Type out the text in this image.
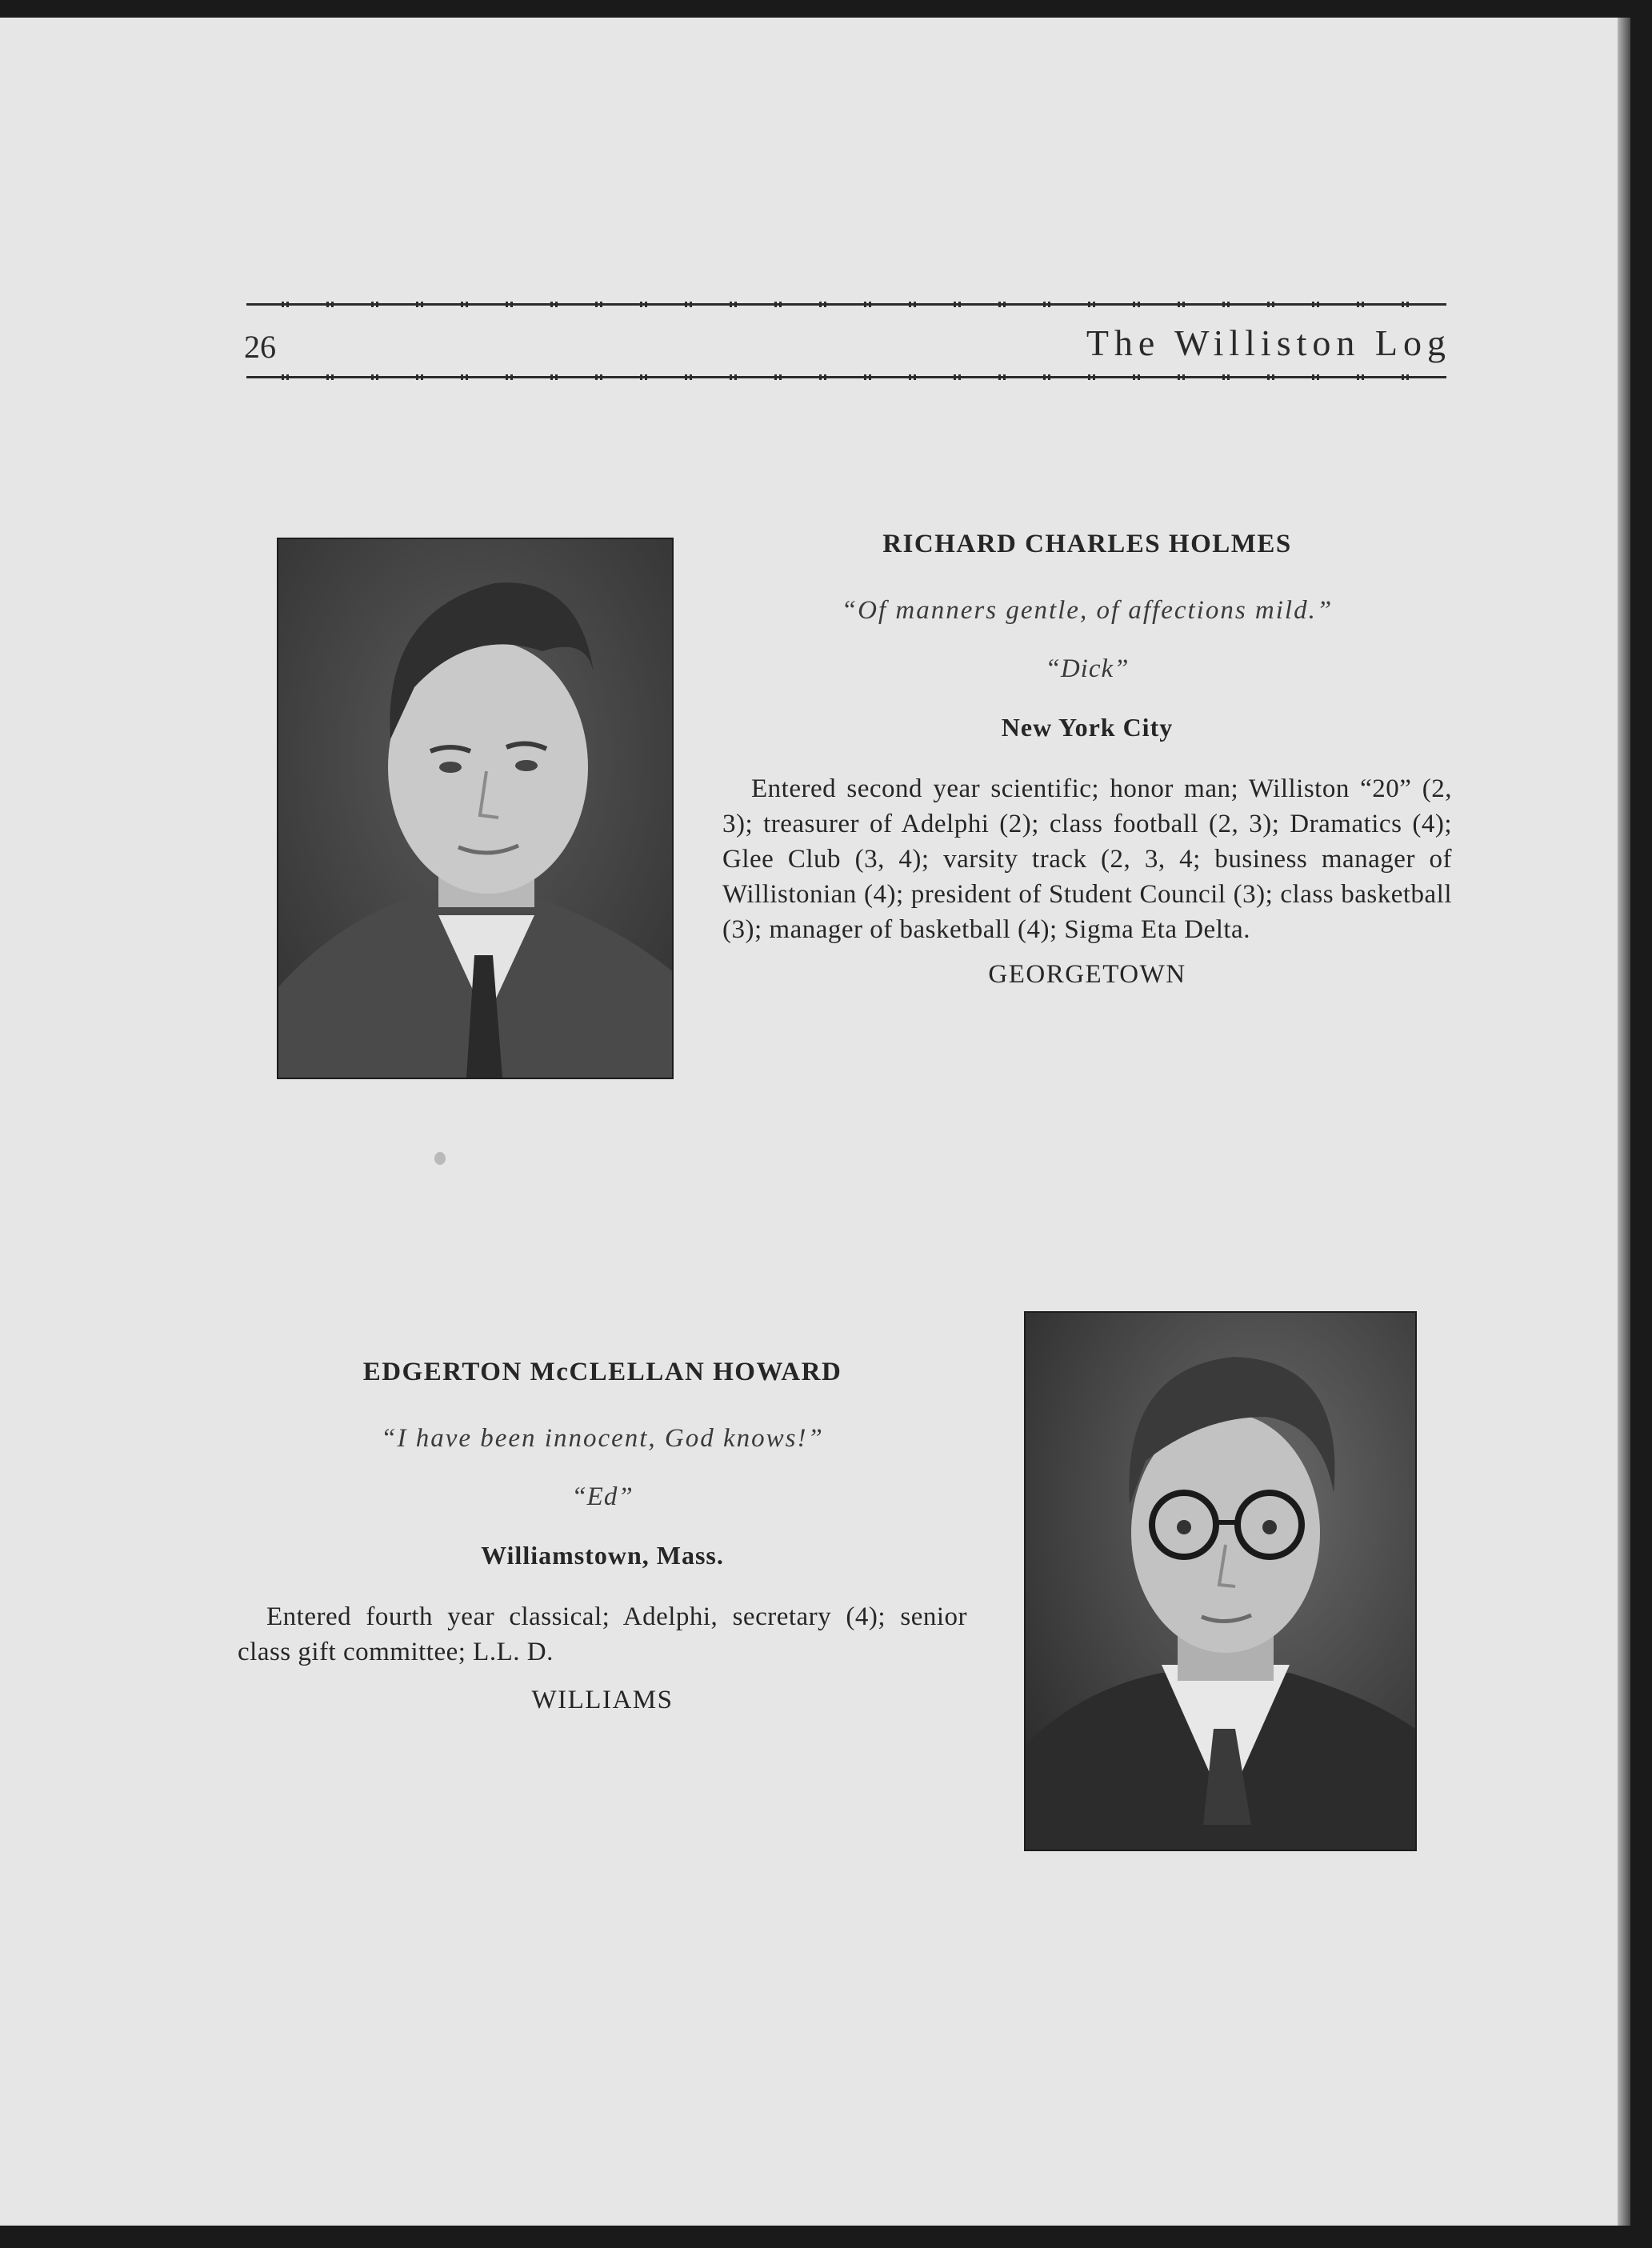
26	The Williston Log

RICHARD CHARLES HOLMES

“Of manners gentle, of affections mild.”

“Dick”

New York City

Entered second year scientific; honor man; Williston “20” (2, 3); treasurer of Adelphi (2); class football (2, 3); Dramatics (4); Glee Club (3, 4); varsity track (2, 3, 4; business manager of Willistonian (4); president of Student Council (3); class basketball (3); manager of basketball (4); Sigma Eta Delta.

GEORGETOWN

EDGERTON McCLELLAN HOWARD

“I have been innocent, God knows!”

“Ed”

Williamstown, Mass.

Entered fourth year classical; Adelphi, secretary (4); senior class gift committee; L.L. D.

WILLIAMS
